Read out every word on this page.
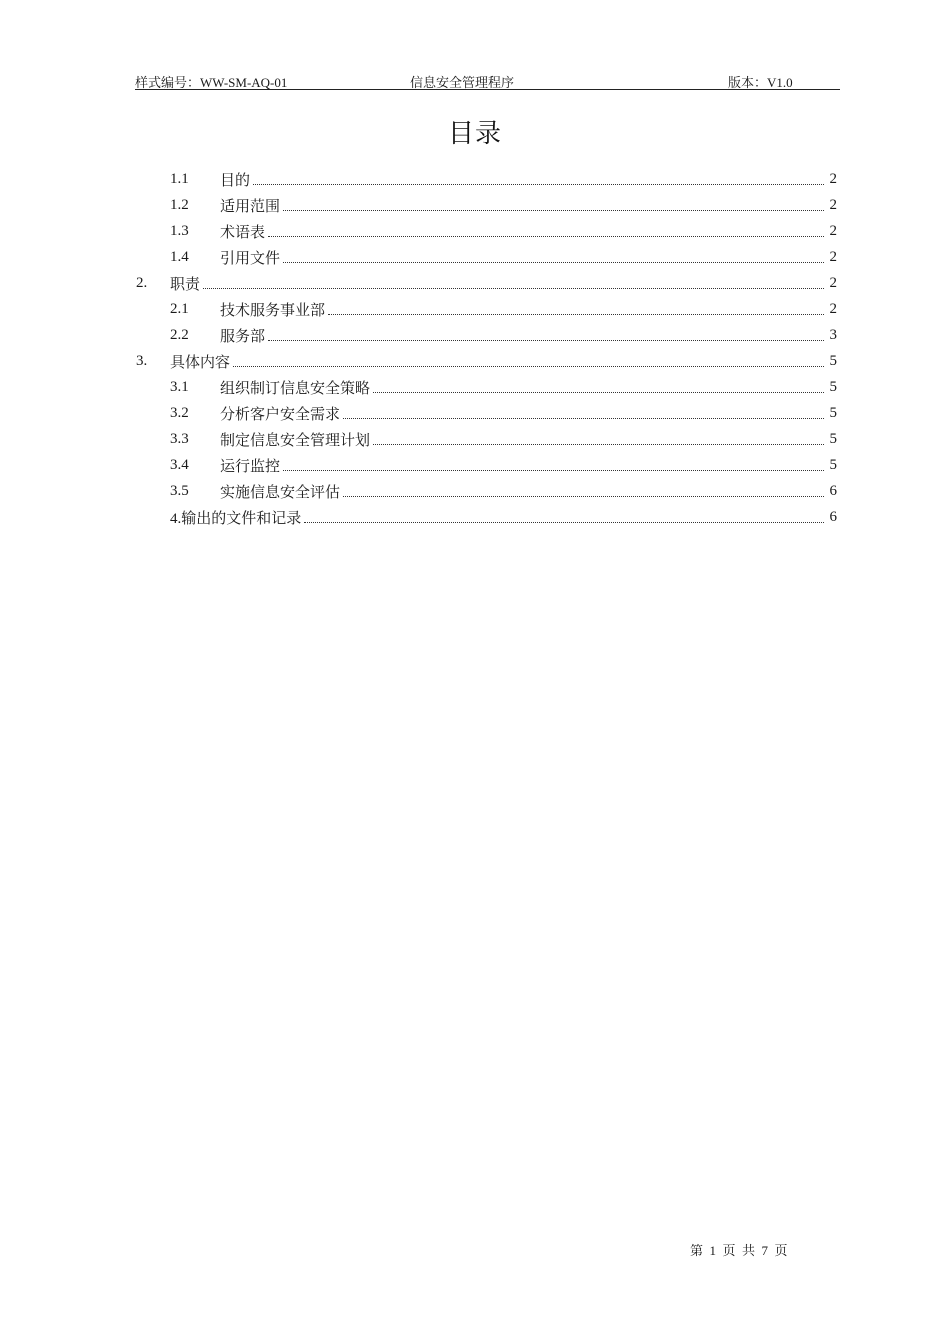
样式编号：WW-SM-AQ-01	信息安全管理程序	版本：V1.0
目录
1.1	目的	2
1.2	适用范围	2
1.3	术语表	2
1.4	引用文件	2
2.	职责	2
2.1	技术服务事业部	2
2.2	服务部	3
3.	具体内容	5
3.1	组织制订信息安全策略	5
3.2	分析客户安全需求	5
3.3	制定信息安全管理计划	5
3.4	运行监控	5
3.5	实施信息安全评估	6
4.输出的文件和记录	6
第  1  页  共  7  页
